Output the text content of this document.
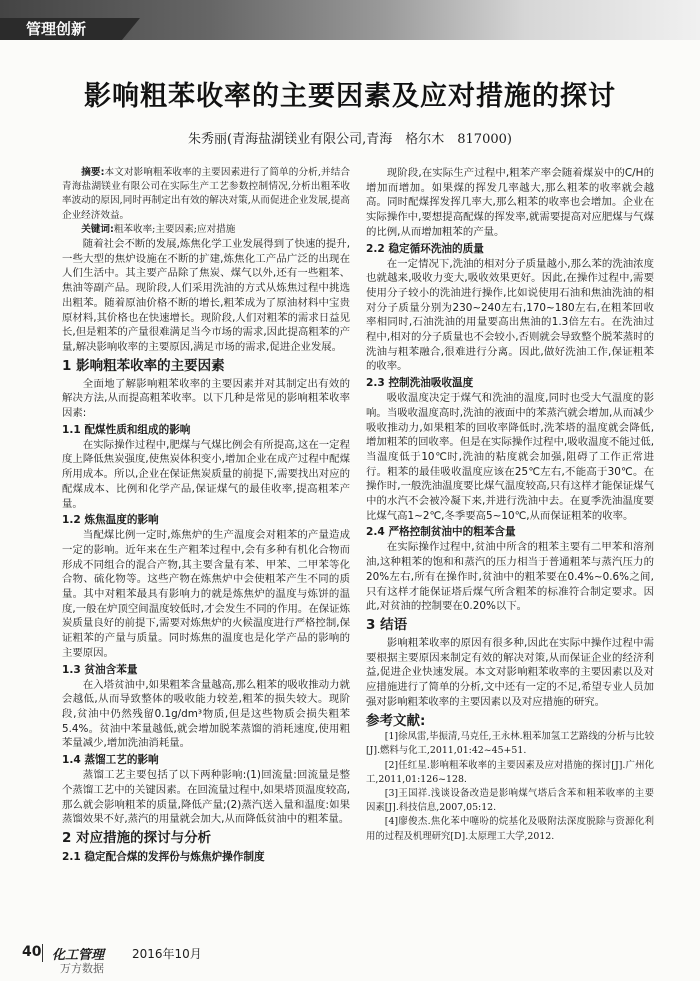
管理创新
影响粗苯收率的主要因素及应对措施的探讨
朱秀丽(青海盐湖镁业有限公司,青海　格尔木　817000)

摘要:本文对影响粗苯收率的主要因素进行了简单的分析,并结合青海盐湖镁业有限公司在实际生产工艺参数控制情况,分析出粗苯收率波动的原因,同时再制定出有效的解决对策,从而促进企业发展,提高企业经济效益。

关键词:粗苯收率;主要因素;应对措施

随着社会不断的发展,炼焦化学工业发展得到了快速的提升,一些大型的焦炉设施在不断的扩建,炼焦化工产品广泛的出现在人们生活中。其主要产品除了焦炭、煤气以外,还有一些粗苯、焦油等副产品。现阶段,人们采用洗油的方式从炼焦过程中挑选出粗苯。随着原油价格不断的增长,粗苯成为了原油材料中宝贵原材料,其价格也在快速增长。现阶段,人们对粗苯的需求日益见长,但是粗苯的产量很难满足当今市场的需求,因此提高粗苯的产量,解决影响收率的主要原因,满足市场的需求,促进企业发展。

1 影响粗苯收率的主要因素

全面地了解影响粗苯收率的主要因素并对其制定出有效的解决方法,从而提高粗苯收率。以下几种是常见的影响粗苯收率因素:

1.1 配煤性质和组成的影响

在实际操作过程中,肥煤与气煤比例会有所提高,这在一定程度上降低焦炭强度,使焦炭体积变小,增加企业在成产过程中配煤所用成本。所以,企业在保证焦炭质量的前提下,需要找出对应的配煤成本、比例和化学产品,保证煤气的最佳收率,提高粗苯产量。

1.2 炼焦温度的影响

当配煤比例一定时,炼焦炉的生产温度会对粗苯的产量造成一定的影响。近年来在生产粗苯过程中,会有多种有机化合物而形成不同组合的混合产物,其主要含量有苯、甲苯、二甲苯等化合物、硫化物等。这些产物在炼焦炉中会使粗苯产生不同的质量。其中对粗苯最具有影响力的就是炼焦炉的温度与炼饼的温度,一般在炉顶空间温度较低时,才会发生不同的作用。在保证炼炭质量良好的前提下,需要对炼焦炉的火候温度进行严格控制,保证粗苯的产量与质量。同时炼焦的温度也是化学产品的影响的主要原因。

1.3 贫油含苯量

在入塔贫油中,如果粗苯含量越高,那么粗苯的吸收推动力就会越低,从而导致整体的吸收能力较差,粗苯的损失较大。现阶段,贫油中仍然残留0.1g/dm³物质,但是这些物质会损失粗苯5.4%。贫油中苯量越低,就会增加脱苯蒸馏的消耗速度,使用粗苯量减少,增加洗油消耗量。

1.4 蒸馏工艺的影响

蒸馏工艺主要包括了以下两种影响:(1)回流量:回流量是整个蒸馏工艺中的关键因素。在回流量过程中,如果塔顶温度较高,那么就会影响粗苯的质量,降低产量;(2)蒸汽送入量和温度:如果蒸馏效果不好,蒸汽的用量就会加大,从而降低贫油中的粗苯量。

2 对应措施的探讨与分析
2.1 稳定配合煤的发挥份与炼焦炉操作制度

现阶段,在实际生产过程中,粗苯产率会随着煤炭中的C/H的增加而增加。如果煤的挥发几率越大,那么粗苯的收率就会越高。同时配煤挥发挥几率大,那么粗苯的收率也会增加。企业在实际操作中,要想提高配煤的挥发率,就需要提高对应肥煤与气煤的比例,从而增加粗苯的产量。

2.2 稳定循环洗油的质量

在一定情况下,洗油的相对分子质量越小,那么苯的洗油浓度也就越来,吸收力变大,吸收效果更好。因此,在操作过程中,需要使用分子较小的洗油进行操作,比如说使用石油和焦油洗油的相对分子质量分别为230~240左右,170~180左右,在粗苯回收率相同时,石油洗油的用量要高出焦油的1.3倍左右。在洗油过程中,相对的分子质量也不会较小,否则就会导致整个脱苯蒸时的洗油与粗苯融合,很难进行分离。因此,做好洗油工作,保证粗苯的收率。

2.3 控制洗油吸收温度

吸收温度决定于煤气和洗油的温度,同时也受大气温度的影响。当吸收温度高时,洗油的液面中的苯蒸汽就会增加,从而减少吸收推动力,如果粗苯的回收率降低时,洗苯塔的温度就会降低,增加粗苯的回收率。但是在实际操作过程中,吸收温度不能过低,当温度低于10℃时,洗油的粘度就会加强,阻碍了工作正常进行。粗苯的最佳吸收温度应该在25℃左右,不能高于30℃。在操作时,一般洗油温度要比煤气温度较高,只有这样才能保证煤气中的水汽不会被冷凝下来,并进行洗油中去。在夏季洗油温度要比煤气高1~2℃,冬季要高5~10℃,从而保证粗苯的收率。

2.4 严格控制贫油中的粗苯含量

在实际操作过程中,贫油中所含的粗苯主要有二甲苯和溶剂油,这种粗苯的饱和和蒸汽的压力相当于普通粗苯与蒸汽压力的20%左右,所有在操作时,贫油中的粗苯要在0.4%~0.6%之间,只有这样才能保证塔后煤气所含粗苯的标准符合制定要求。因此,对贫油的控制要在0.20%以下。

3 结语

影响粗苯收率的原因有很多种,因此在实际中操作过程中需要根据主要原因来制定有效的解决对策,从而保证企业的经济利益,促进企业快速发展。本文对影响粗苯收率的主要因素以及对应措施进行了简单的分析,文中还有一定的不足,希望专业人员加强对影响粗苯收率的主要因素以及对应措施的研究。

参考文献:

[1]徐凤雷,毕振清,马克任,王永林.粗苯加氢工艺路线的分析与比较[J].燃料与化工,2011,01:42~45+51.

[2]任红星.影响粗苯收率的主要因素及应对措施的探讨[J].广州化工,2011,01:126~128.

[3]王国祥.浅谈设备改造是影响煤气塔后含苯和粗苯收率的主要因素[J].科技信息,2007,05:12.

[4]廖俊杰.焦化苯中噻吩的烷基化及吸附法深度脱除与资源化利用的过程及机理研究[D].太原理工大学,2012.

40 化工管理 2016年10月
万方数据
